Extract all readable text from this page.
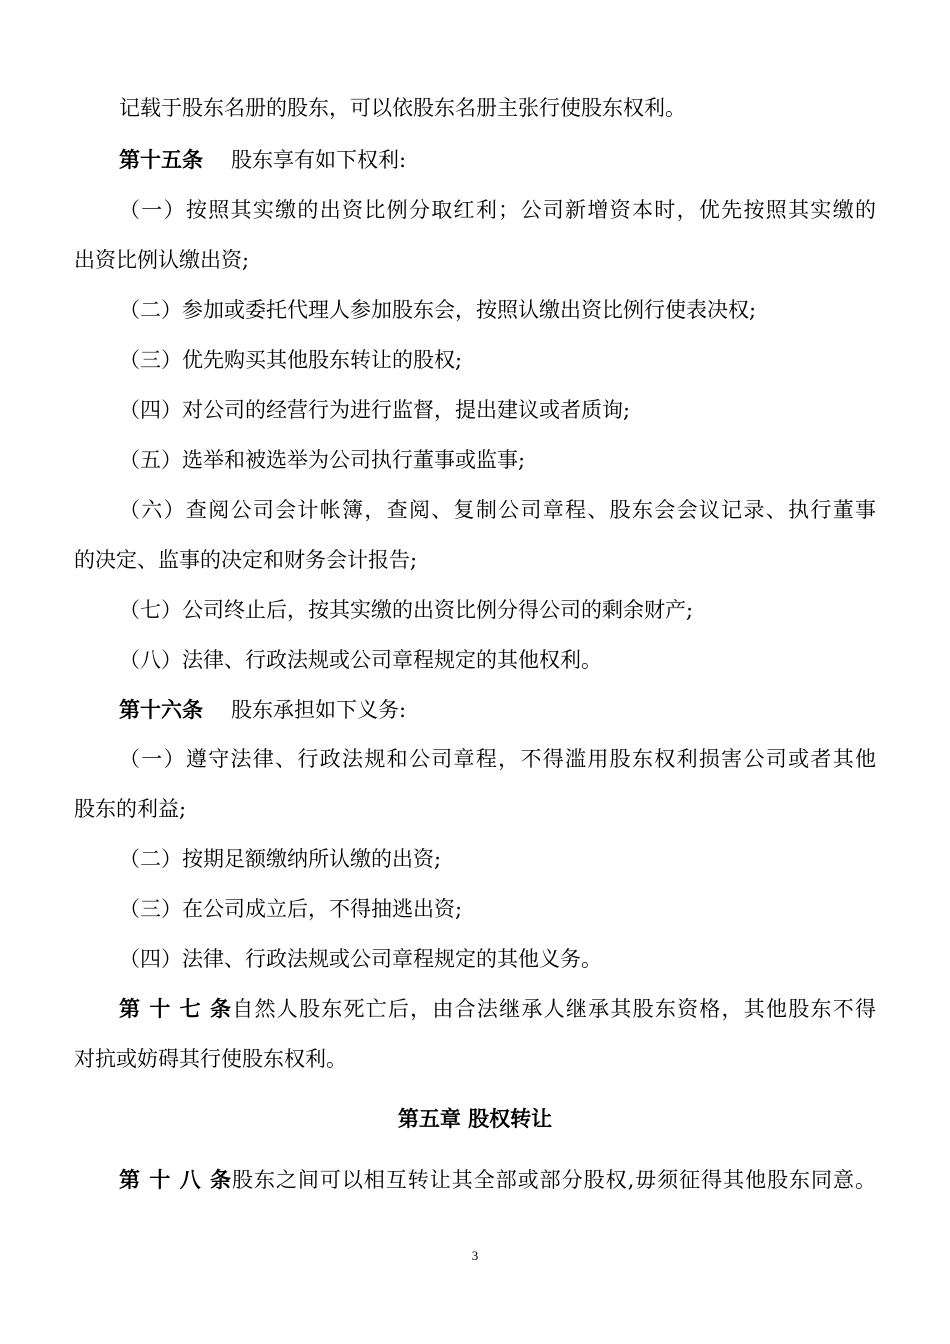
记载于股东名册的股东，可以依股东名册主张行使股东权利。
第十五条 股东享有如下权利:
（一）按照其实缴的出资比例分取红利；公司新增资本时，优先按照其实缴的
出资比例认缴出资;
（二）参加或委托代理人参加股东会，按照认缴出资比例行使表决权;
（三）优先购买其他股东转让的股权;
（四）对公司的经营行为进行监督，提出建议或者质询;
（五）选举和被选举为公司执行董事或监事;
（六）查阅公司会计帐簿，查阅、复制公司章程、股东会会议记录、执行董事
的决定、监事的决定和财务会计报告;
（七）公司终止后，按其实缴的出资比例分得公司的剩余财产;
（八）法律、行政法规或公司章程规定的其他权利。
第十六条 股东承担如下义务:
（一）遵守法律、行政法规和公司章程，不得滥用股东权利损害公司或者其他
股东的利益;
（二）按期足额缴纳所认缴的出资;
（三）在公司成立后，不得抽逃出资;
（四）法律、行政法规或公司章程规定的其他义务。
第十七条自然人股东死亡后，由合法继承人继承其股东资格，其他股东不得
对抗或妨碍其行使股东权利。
第五章 股权转让
第十八条股东之间可以相互转让其全部或部分股权,毋须征得其他股东同意。
3
